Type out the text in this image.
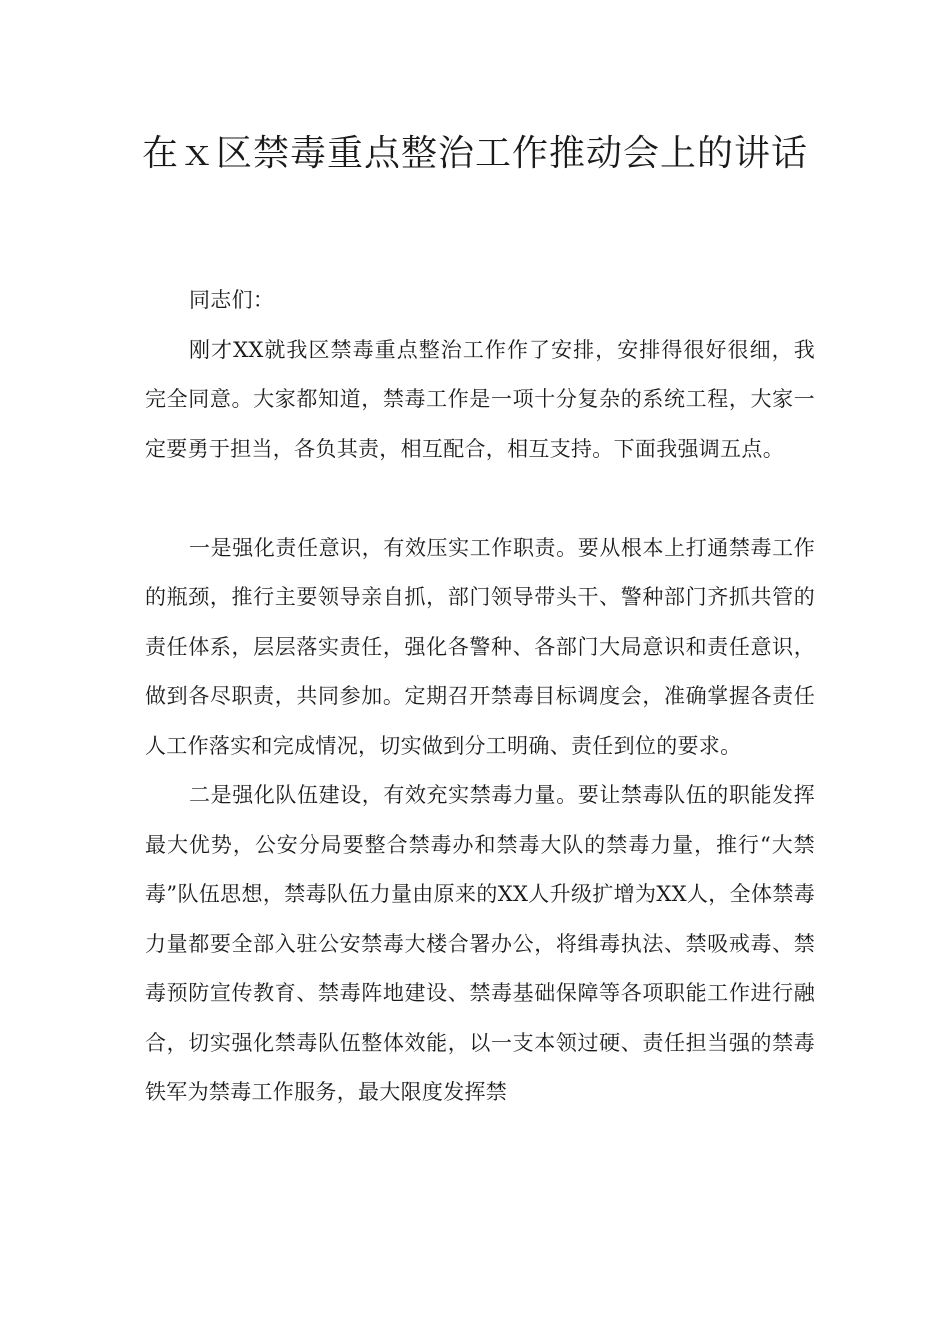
在ｘ区禁毒重点整治工作推动会上的讲话

同志们：

刚才XX就我区禁毒重点整治工作作了安排，安排得很好很细，我完全同意。大家都知道，禁毒工作是一项十分复杂的系统工程，大家一定要勇于担当，各负其责，相互配合，相互支持。下面我强调五点。

一是强化责任意识，有效压实工作职责。要从根本上打通禁毒工作的瓶颈，推行主要领导亲自抓，部门领导带头干、警种部门齐抓共管的责任体系，层层落实责任，强化各警种、各部门大局意识和责任意识，做到各尽职责，共同参加。定期召开禁毒目标调度会，准确掌握各责任人工作落实和完成情况，切实做到分工明确、责任到位的要求。

二是强化队伍建设，有效充实禁毒力量。要让禁毒队伍的职能发挥最大优势，公安分局要整合禁毒办和禁毒大队的禁毒力量，推行“大禁毒”队伍思想，禁毒队伍力量由原来的XX人升级扩增为XX人，全体禁毒力量都要全部入驻公安禁毒大楼合署办公，将缉毒执法、禁吸戒毒、禁毒预防宣传教育、禁毒阵地建设、禁毒基础保障等各项职能工作进行融合，切实强化禁毒队伍整体效能，以一支本领过硬、责任担当强的禁毒铁军为禁毒工作服务，最大限度发挥禁
